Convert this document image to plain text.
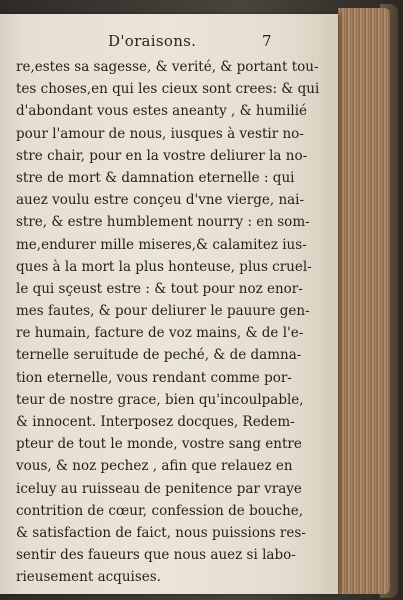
D'oraisons.	7
re,estes sa sagesse, & verité, & portant tou-
tes choses,en qui les cieux sont crees: & qui
d'abondant vous estes aneanty , & humilié
pour l'amour de nous, iusques à vestir no-
stre chair, pour en la vostre deliurer la no-
stre de mort & damnation eternelle : qui
auez voulu estre conçeu d'vne vierge, nai-
stre, & estre humblement nourry : en som-
me,endurer mille miseres,& calamitez ius-
ques à la mort la plus honteuse, plus cruel-
le qui sçeust estre : & tout pour noz enor-
mes fautes, & pour deliurer le pauure gen-
re humain, facture de voz mains, & de l'e-
ternelle seruitude de peché, & de damna-
tion eternelle, vous rendant comme por-
teur de nostre grace, bien qu'incoulpable,
& innocent. Interposez docques, Redem-
pteur de tout le monde, vostre sang entre
vous, & noz pechez , afin que relauez en
iceluy au ruisseau de penitence par vraye
contrition de cœur, confession de bouche,
& satisfaction de faict, nous puissions res-
sentir des faueurs que nous auez si labo-
rieusement acquises.
